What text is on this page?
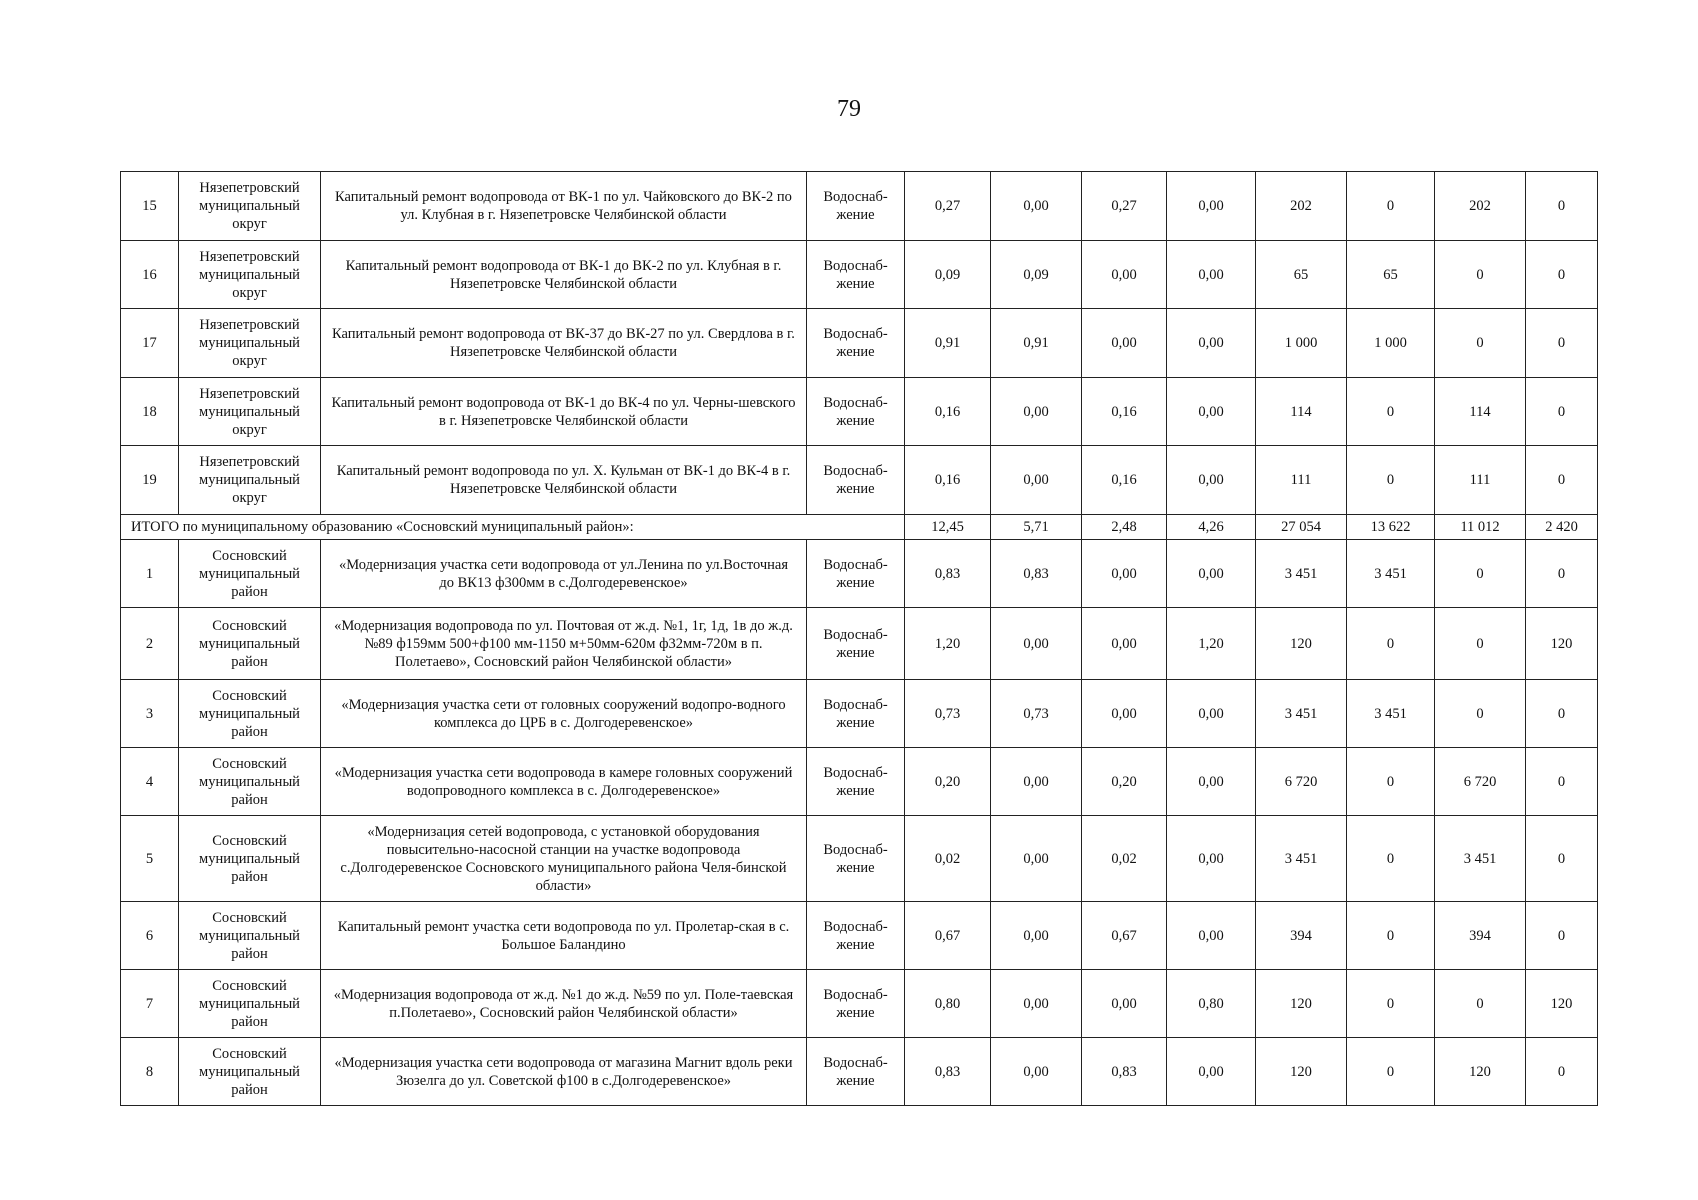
79
15	Нязепетровский муниципальный округ	Капитальный ремонт водопровода от ВК-1 по ул. Чайковского до ВК-2 по ул. Клубная в г. Нязепетровске Челябинской области	Водоснаб-жение	0,27	0,00	0,27	0,00	202	0	202	0
16	Нязепетровский муниципальный округ	Капитальный ремонт водопровода от ВК-1 до ВК-2 по ул. Клубная в г. Нязепетровске Челябинской области	Водоснаб-жение	0,09	0,09	0,00	0,00	65	65	0	0
17	Нязепетровский муниципальный округ	Капитальный ремонт водопровода от ВК-37 до ВК-27 по ул. Свердлова в г. Нязепетровске Челябинской области	Водоснаб-жение	0,91	0,91	0,00	0,00	1 000	1 000	0	0
18	Нязепетровский муниципальный округ	Капитальный ремонт водопровода от ВК-1 до ВК-4 по ул. Черны-шевского в г. Нязепетровске Челябинской области	Водоснаб-жение	0,16	0,00	0,16	0,00	114	0	114	0
19	Нязепетровский муниципальный округ	Капитальный ремонт водопровода по ул. Х. Кульман от ВК-1 до ВК-4 в г. Нязепетровске Челябинской области	Водоснаб-жение	0,16	0,00	0,16	0,00	111	0	111	0
ИТОГО по муниципальному образованию «Сосновский муниципальный район»:				12,45	5,71	2,48	4,26	27 054	13 622	11 012	2 420
1	Сосновский муниципальный район	«Модернизация участка сети водопровода от ул.Ленина по ул.Восточная до ВК13 ф300мм в с.Долгодеревенское»	Водоснаб-жение	0,83	0,83	0,00	0,00	3 451	3 451	0	0
2	Сосновский муниципальный район	«Модернизация водопровода по ул. Почтовая от ж.д. №1, 1г, 1д, 1в до ж.д. №89 ф159мм 500+ф100 мм-1150 м+50мм-620м ф32мм-720м в п. Полетаево», Сосновский район Челябинской области»	Водоснаб-жение	1,20	0,00	0,00	1,20	120	0	0	120
3	Сосновский муниципальный район	«Модернизация участка сети от головных сооружений водопро-водного комплекса до ЦРБ в с. Долгодеревенское»	Водоснаб-жение	0,73	0,73	0,00	0,00	3 451	3 451	0	0
4	Сосновский муниципальный район	«Модернизация участка сети водопровода в камере головных сооружений водопроводного комплекса в с. Долгодеревенское»	Водоснаб-жение	0,20	0,00	0,20	0,00	6 720	0	6 720	0
5	Сосновский муниципальный район	«Модернизация сетей водопровода, с установкой оборудования повысительно-насосной станции на участке водопровода с.Долгодеревенское Сосновского муниципального района Челя-бинской области»	Водоснаб-жение	0,02	0,00	0,02	0,00	3 451	0	3 451	0
6	Сосновский муниципальный район	Капитальный ремонт участка сети водопровода по ул. Пролетар-ская в с. Большое Баландино	Водоснаб-жение	0,67	0,00	0,67	0,00	394	0	394	0
7	Сосновский муниципальный район	«Модернизация водопровода от ж.д. №1 до ж.д. №59 по ул. Поле-таевская п.Полетаево», Сосновский район Челябинской области»	Водоснаб-жение	0,80	0,00	0,00	0,80	120	0	0	120
8	Сосновский муниципальный район	«Модернизация участка сети водопровода от магазина Магнит вдоль реки Зюзелга до ул. Советской ф100 в с.Долгодеревенское»	Водоснаб-жение	0,83	0,00	0,83	0,00	120	0	120	0
